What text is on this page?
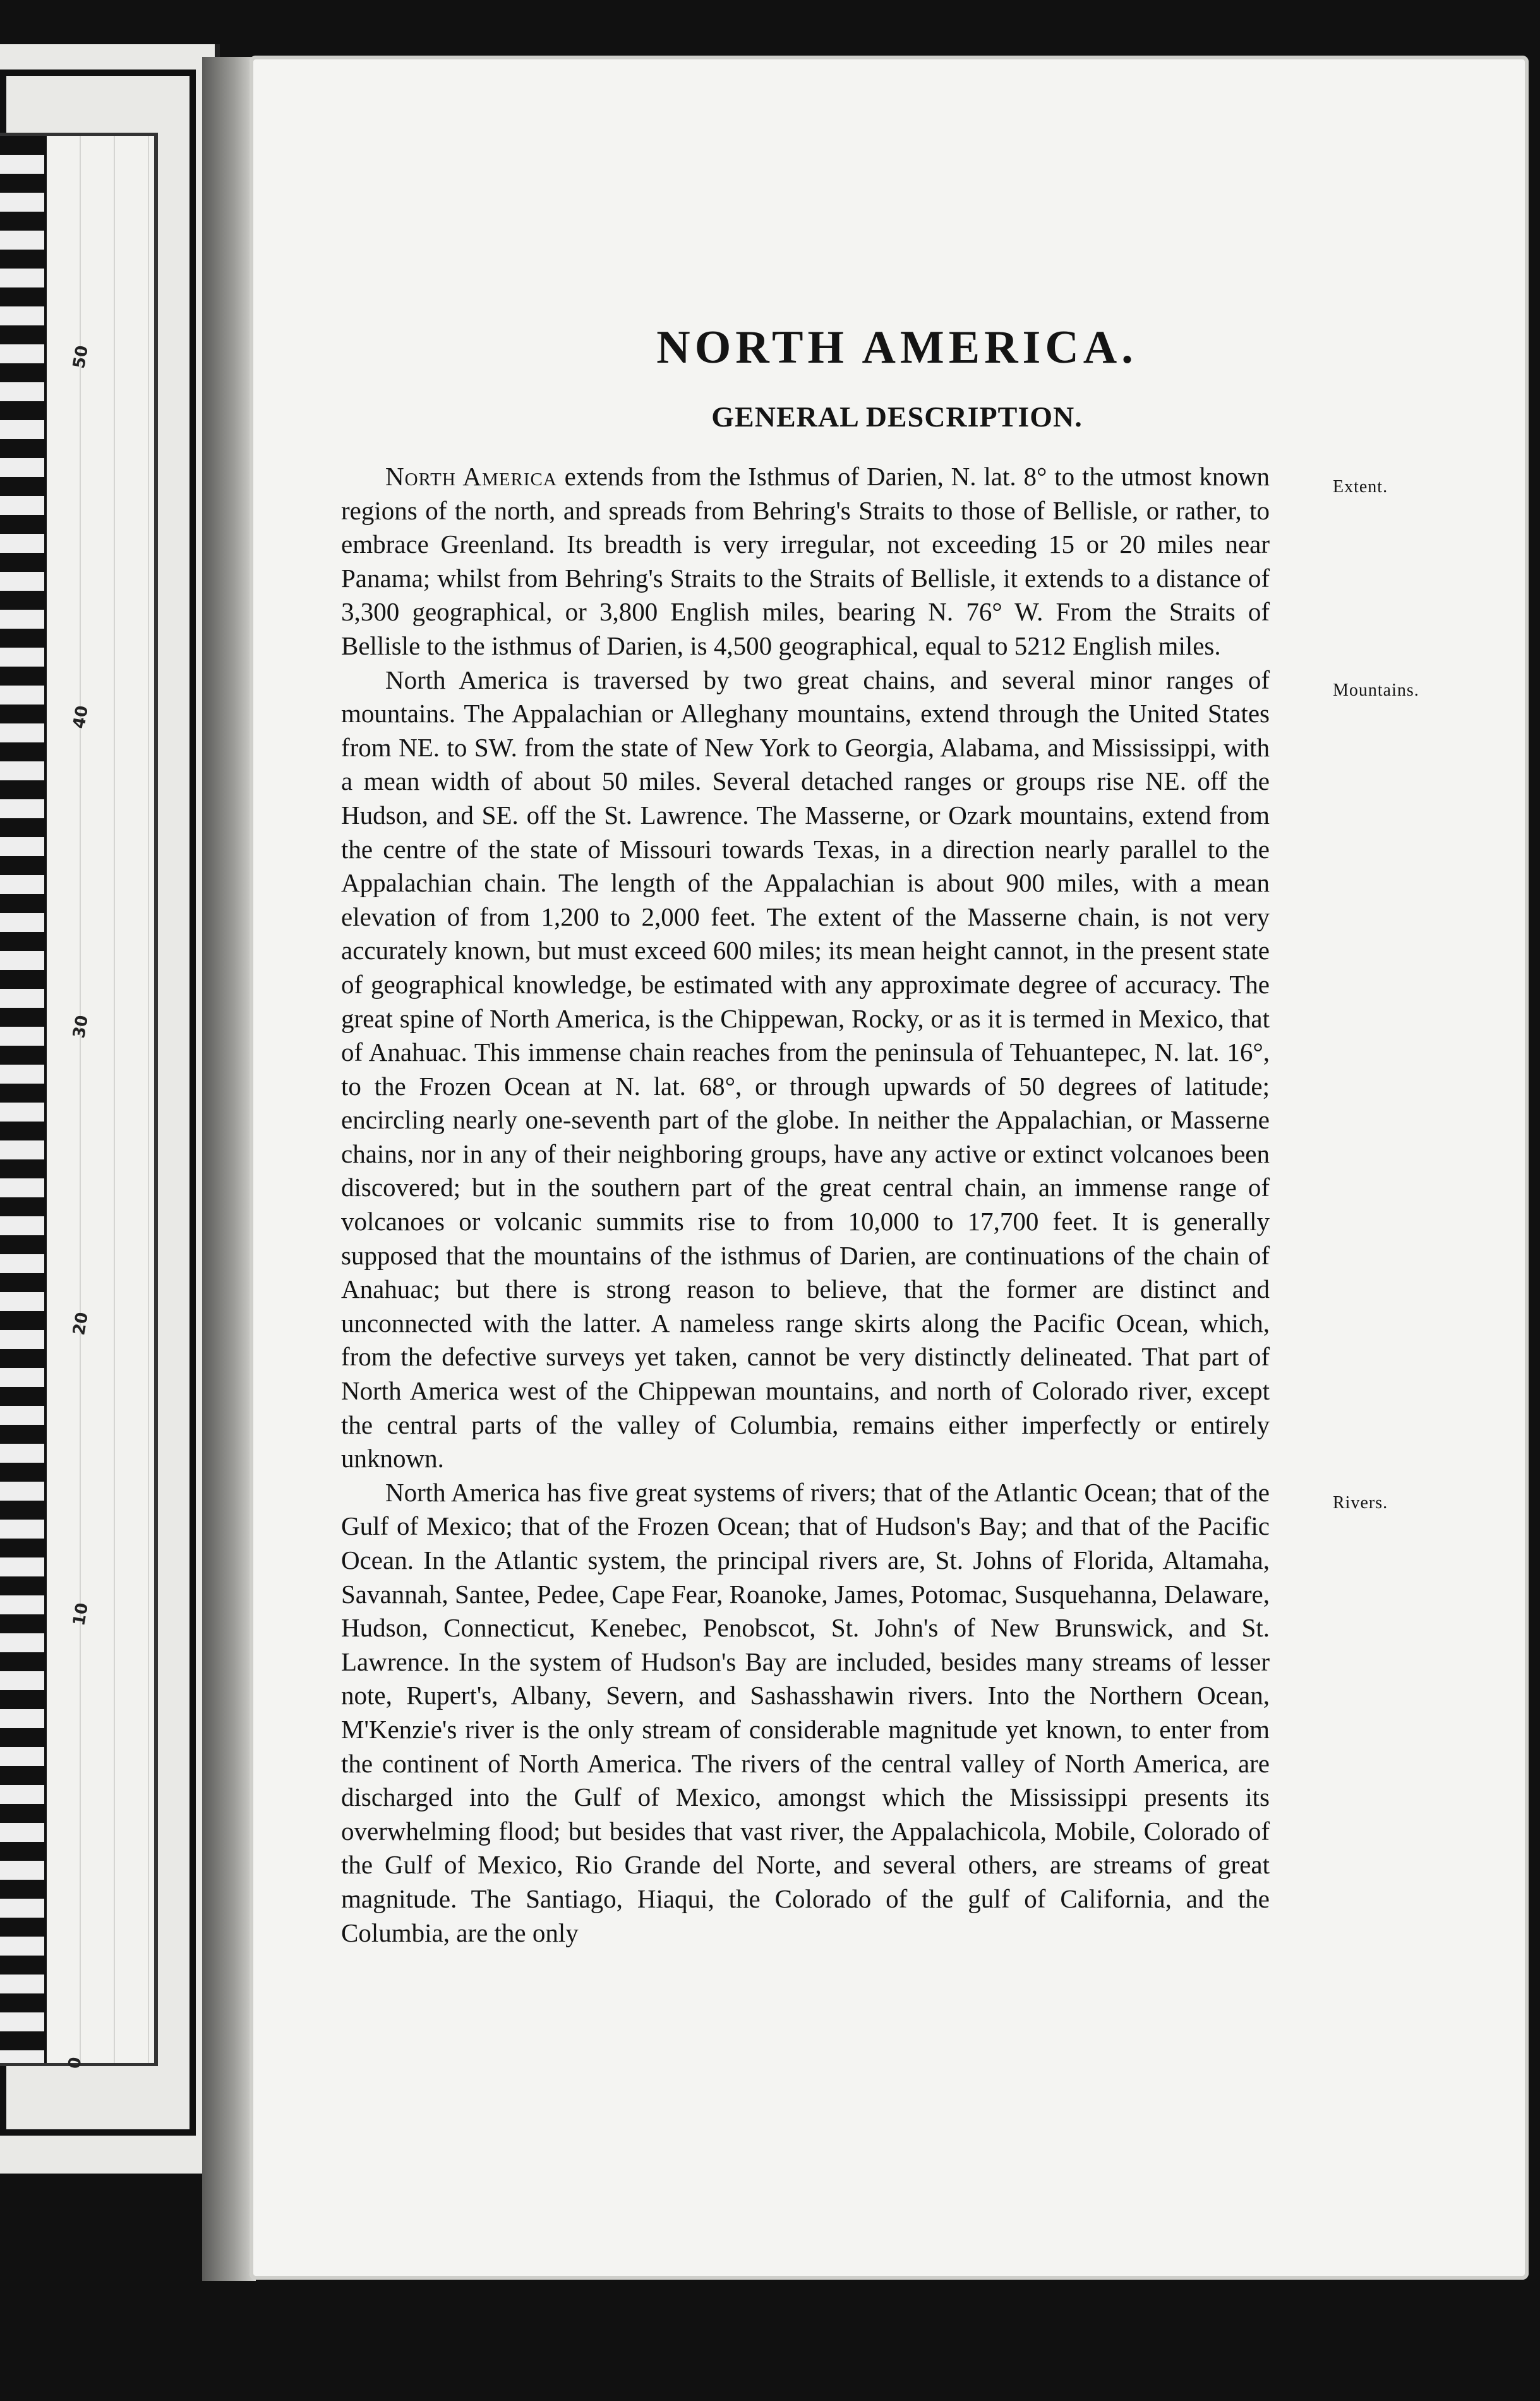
50
40
30
20
10
0
NORTH AMERICA.
GENERAL DESCRIPTION.

Extent.
North America extends from the Isthmus of Darien, N. lat. 8° to the utmost known regions of the north, and spreads from Behring's Straits to those of Bellisle, or rather, to embrace Greenland. Its breadth is very irregular, not exceeding 15 or 20 miles near Panama; whilst from Behring's Straits to the Straits of Bellisle, it extends to a distance of 3,300 geographical, or 3,800 English miles, bearing N. 76° W. From the Straits of Bellisle to the isthmus of Darien, is 4,500 geographical, equal to 5212 English miles.

Mountains.
North America is traversed by two great chains, and several minor ranges of mountains. The Appalachian or Alleghany mountains, extend through the United States from NE. to SW. from the state of New York to Georgia, Alabama, and Mississippi, with a mean width of about 50 miles. Several detached ranges or groups rise NE. off the Hudson, and SE. off the St. Lawrence. The Masserne, or Ozark mountains, extend from the centre of the state of Missouri towards Texas, in a direction nearly parallel to the Appalachian chain. The length of the Appalachian is about 900 miles, with a mean elevation of from 1,200 to 2,000 feet. The extent of the Masserne chain, is not very accurately known, but must exceed 600 miles; its mean height cannot, in the present state of geographical knowledge, be estimated with any approximate degree of accuracy. The great spine of North America, is the Chippewan, Rocky, or as it is termed in Mexico, that of Anahuac. This immense chain reaches from the peninsula of Tehuantepec, N. lat. 16°, to the Frozen Ocean at N. lat. 68°, or through upwards of 50 degrees of latitude; encircling nearly one-seventh part of the globe. In neither the Appalachian, or Masserne chains, nor in any of their neighboring groups, have any active or extinct volcanoes been discovered; but in the southern part of the great central chain, an immense range of volcanoes or volcanic summits rise to from 10,000 to 17,700 feet. It is generally supposed that the mountains of the isthmus of Darien, are continuations of the chain of Anahuac; but there is strong reason to believe, that the former are distinct and unconnected with the latter. A nameless range skirts along the Pacific Ocean, which, from the defective surveys yet taken, cannot be very distinctly delineated. That part of North America west of the Chippewan mountains, and north of Colorado river, except the central parts of the valley of Columbia, remains either imperfectly or entirely unknown.

Rivers.
North America has five great systems of rivers; that of the Atlantic Ocean; that of the Gulf of Mexico; that of the Frozen Ocean; that of Hudson's Bay; and that of the Pacific Ocean. In the Atlantic system, the principal rivers are, St. Johns of Florida, Altamaha, Savannah, Santee, Pedee, Cape Fear, Roanoke, James, Potomac, Susquehanna, Delaware, Hudson, Connecticut, Kenebec, Penobscot, St. John's of New Brunswick, and St. Lawrence. In the system of Hudson's Bay are included, besides many streams of lesser note, Rupert's, Albany, Severn, and Sashasshawin rivers. Into the Northern Ocean, M'Kenzie's river is the only stream of considerable magnitude yet known, to enter from the continent of North America. The rivers of the central valley of North America, are discharged into the Gulf of Mexico, amongst which the Mississippi presents its overwhelming flood; but besides that vast river, the Appalachicola, Mobile, Colorado of the Gulf of Mexico, Rio Grande del Norte, and several others, are streams of great magnitude. The Santiago, Hiaqui, the Colorado of the gulf of California, and the Columbia, are the only
